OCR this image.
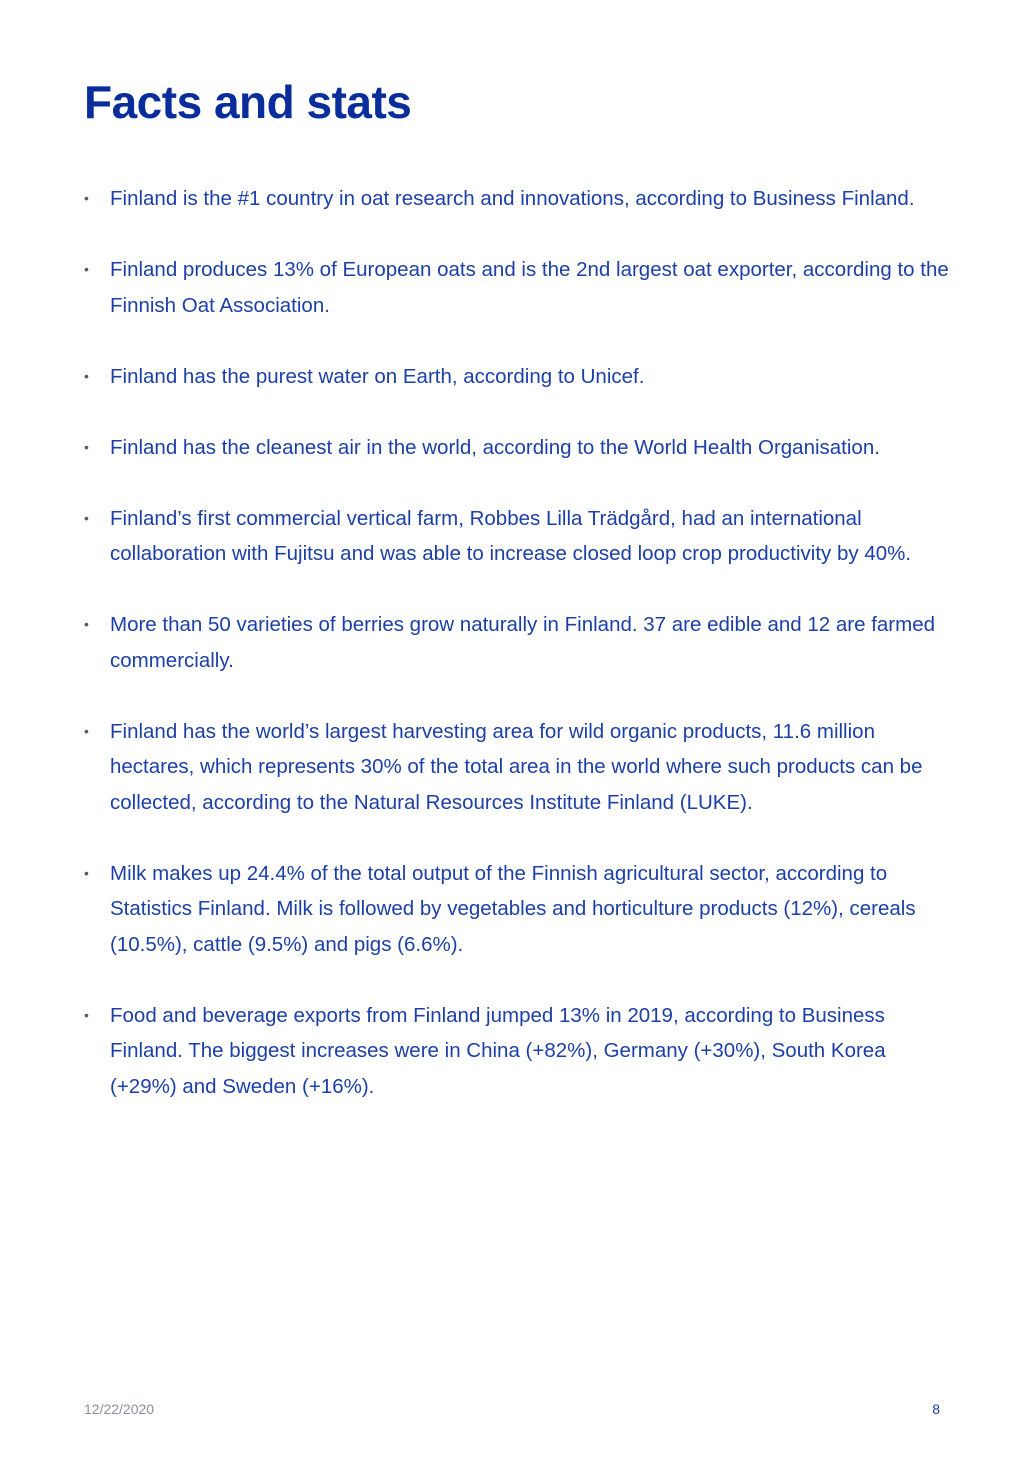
Facts and stats
• Finland is the #1 country in oat research and innovations, according to Business Finland.
• Finland produces 13% of European oats and is the 2nd largest oat exporter, according to the Finnish Oat Association.
• Finland has the purest water on Earth, according to Unicef.
• Finland has the cleanest air in the world, according to the World Health Organisation.
• Finland’s first commercial vertical farm, Robbes Lilla Trädgård, had an international collaboration with Fujitsu and was able to increase closed loop crop productivity by 40%.
• More than 50 varieties of berries grow naturally in Finland. 37 are edible and 12 are farmed commercially.
• Finland has the world’s largest harvesting area for wild organic products, 11.6 million hectares, which represents 30% of the total area in the world where such products can be collected, according to the Natural Resources Institute Finland (LUKE).
• Milk makes up 24.4% of the total output of the Finnish agricultural sector, according to Statistics Finland. Milk is followed by vegetables and horticulture products (12%), cereals (10.5%), cattle (9.5%) and pigs (6.6%).
• Food and beverage exports from Finland jumped 13% in 2019, according to Business Finland. The biggest increases were in China (+82%), Germany (+30%), South Korea (+29%) and Sweden (+16%).
12/22/2020	8
